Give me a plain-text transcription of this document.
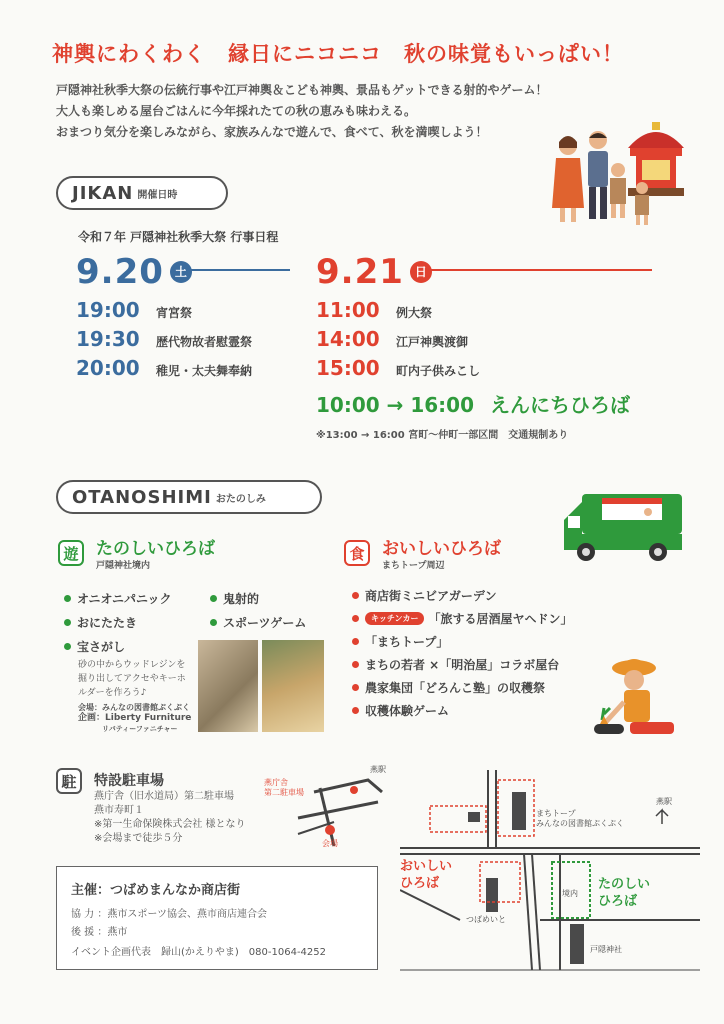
神輿にわくわく　縁日にニコニコ　秋の味覚もいっぱい！
戸隠神社秋季大祭の伝統行事や江戸神輿＆こども神輿、景品もゲットできる射的やゲーム！
大人も楽しめる屋台ごはんに今年採れたての秋の恵みも味わえる。
おまつり気分を楽しみながら、家族みんなで遊んで、食べて、秋を満喫しよう！
JIKAN 開催日時
令和７年 戸隠神社秋季大祭 行事日程
9.20 土
19:00	宵宮祭
19:30	歴代物故者慰霊祭
20:00	稚児・太夫舞奉納
9.21 日
11:00	例大祭
14:00	江戸神輿渡御
15:00	町内子供みこし
10:00 → 16:00 えんにちひろば
※13:00 → 16:00 宮町〜仲町一部区間　交通規制あり
OTANOSHIMI おたのしみ
遊	たのしいひろば
戸隠神社境内
オニオニパニック
おにたたき
鬼射的
スポーツゲーム
宝さがし
砂の中からウッドレジンを
掘り出してアクセやキーホ
ルダーを作ろう♪
会場：みんなの図書館ぷくぷく
企画：Liberty Furniture
リバティーファニチャー
食	おいしいひろば
まちトープ周辺
商店街ミニビアガーデン
キッチンカー 「旅する居酒屋ヤヘドン」
「まちトープ」
まちの若者 ×「明治屋」コラボ屋台
農家集団「どろんこ塾」の収穫祭
収穫体験ゲーム
駐	特設駐車場
燕庁舎（旧水道局）第二駐車場
燕市寿町１
※第一生命保険株式会社 様となり
※会場まで徒歩５分
燕駅
燕庁舎
第二駐車場
会場
燕駅
まちトープ
みんなの図書館ぷくぷく
おいしい
ひろば	たのしい
ひろば
境内
つばめいと
戸隠神社
主催：つばめまんなか商店街
協 力 ：燕市スポーツ協会、燕市商店連合会
後 援 ：燕市
イベント企画代表　歸山(かえりやま)　080-1064-4252
